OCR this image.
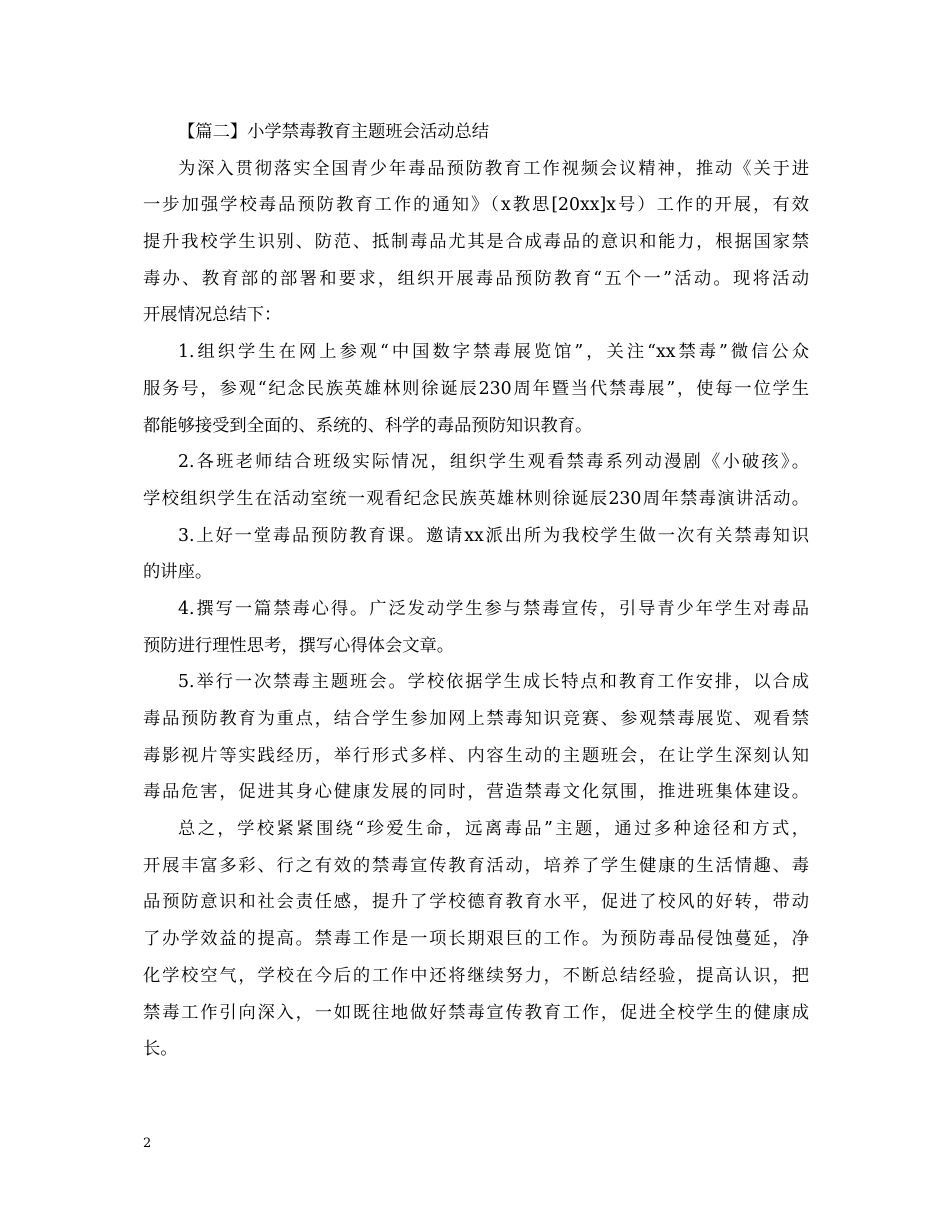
【篇二】小学禁毒教育主题班会活动总结
为深入贯彻落实全国青少年毒品预防教育工作视频会议精神，推动《关于进
一步加强学校毒品预防教育工作的通知》（x教思[20xx]x号）工作的开展，有效
提升我校学生识别、防范、抵制毒品尤其是合成毒品的意识和能力，根据国家禁
毒办、教育部的部署和要求，组织开展毒品预防教育“五个一”活动。现将活动
开展情况总结下：
1.组织学生在网上参观“中国数字禁毒展览馆”，关注“xx禁毒”微信公众
服务号，参观“纪念民族英雄林则徐诞辰230周年暨当代禁毒展”，使每一位学生
都能够接受到全面的、系统的、科学的毒品预防知识教育。
2.各班老师结合班级实际情况，组织学生观看禁毒系列动漫剧《小破孩》。
学校组织学生在活动室统一观看纪念民族英雄林则徐诞辰230周年禁毒演讲活动。
3.上好一堂毒品预防教育课。邀请xx派出所为我校学生做一次有关禁毒知识
的讲座。
4.撰写一篇禁毒心得。广泛发动学生参与禁毒宣传，引导青少年学生对毒品
预防进行理性思考，撰写心得体会文章。
5.举行一次禁毒主题班会。学校依据学生成长特点和教育工作安排，以合成
毒品预防教育为重点，结合学生参加网上禁毒知识竞赛、参观禁毒展览、观看禁
毒影视片等实践经历，举行形式多样、内容生动的主题班会，在让学生深刻认知
毒品危害，促进其身心健康发展的同时，营造禁毒文化氛围，推进班集体建设。
总之，学校紧紧围绕“珍爱生命，远离毒品”主题，通过多种途径和方式，
开展丰富多彩、行之有效的禁毒宣传教育活动，培养了学生健康的生活情趣、毒
品预防意识和社会责任感，提升了学校德育教育水平，促进了校风的好转，带动
了办学效益的提高。禁毒工作是一项长期艰巨的工作。为预防毒品侵蚀蔓延，净
化学校空气，学校在今后的工作中还将继续努力，不断总结经验，提高认识，把
禁毒工作引向深入，一如既往地做好禁毒宣传教育工作，促进全校学生的健康成
长。
2
